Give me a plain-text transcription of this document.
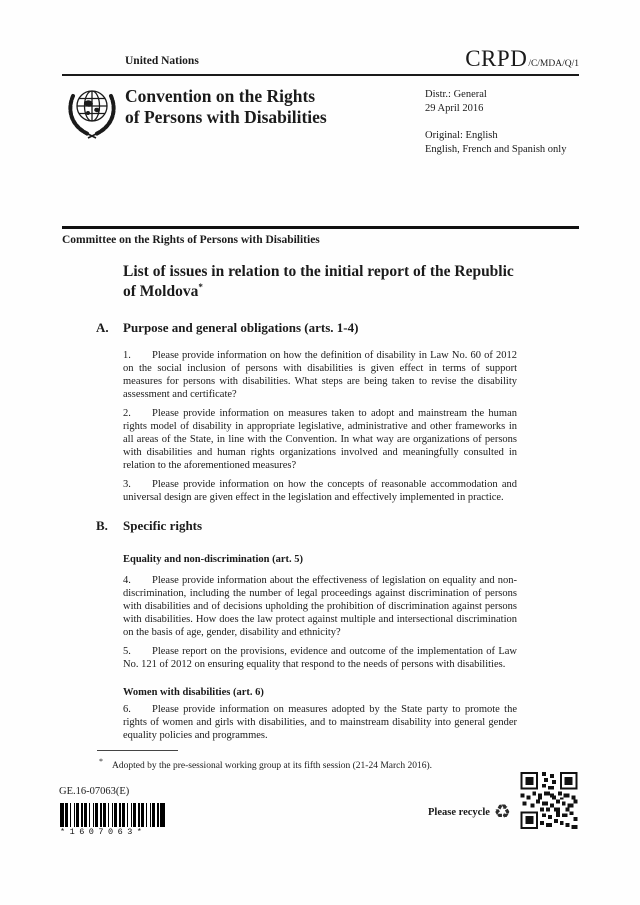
United Nations	CRPD /C/MDA/Q/1
Convention on the Rights
of Persons with Disabilities
Distr.: General
29 April 2016
Original: English
English, French and Spanish only
Committee on the Rights of Persons with Disabilities
List of issues in relation to the initial report of the Republic
of Moldova*
A. Purpose and general obligations (arts. 1-4)
1. Please provide information on how the definition of disability in Law No. 60 of 2012 on the social inclusion of persons with disabilities is given effect in terms of support measures for persons with disabilities. What steps are being taken to revise the disability assessment and certificate?
2. Please provide information on measures taken to adopt and mainstream the human rights model of disability in appropriate legislative, administrative and other frameworks in all areas of the State, in line with the Convention. In what way are organizations of persons with disabilities and human rights organizations involved and meaningfully consulted in relation to the aforementioned measures?
3. Please provide information on how the concepts of reasonable accommodation and universal design are given effect in the legislation and effectively implemented in practice.
B. Specific rights
Equality and non-discrimination (art. 5)
4. Please provide information about the effectiveness of legislation on equality and non-discrimination, including the number of legal proceedings against discrimination of persons with disabilities and of decisions upholding the prohibition of discrimination against persons with disabilities. How does the law protect against multiple and intersectional discrimination on the basis of age, gender, disability and ethnicity?
5. Please report on the provisions, evidence and outcome of the implementation of Law No. 121 of 2012 on ensuring equality that respond to the needs of persons with disabilities.
Women with disabilities (art. 6)
6. Please provide information on measures adopted by the State party to promote the rights of women and girls with disabilities, and to mainstream disability into general gender equality policies and programmes.
* Adopted by the pre-sessional working group at its fifth session (21-24 March 2016).
GE.16-07063(E)
*1607063*
Please recycle ♻
